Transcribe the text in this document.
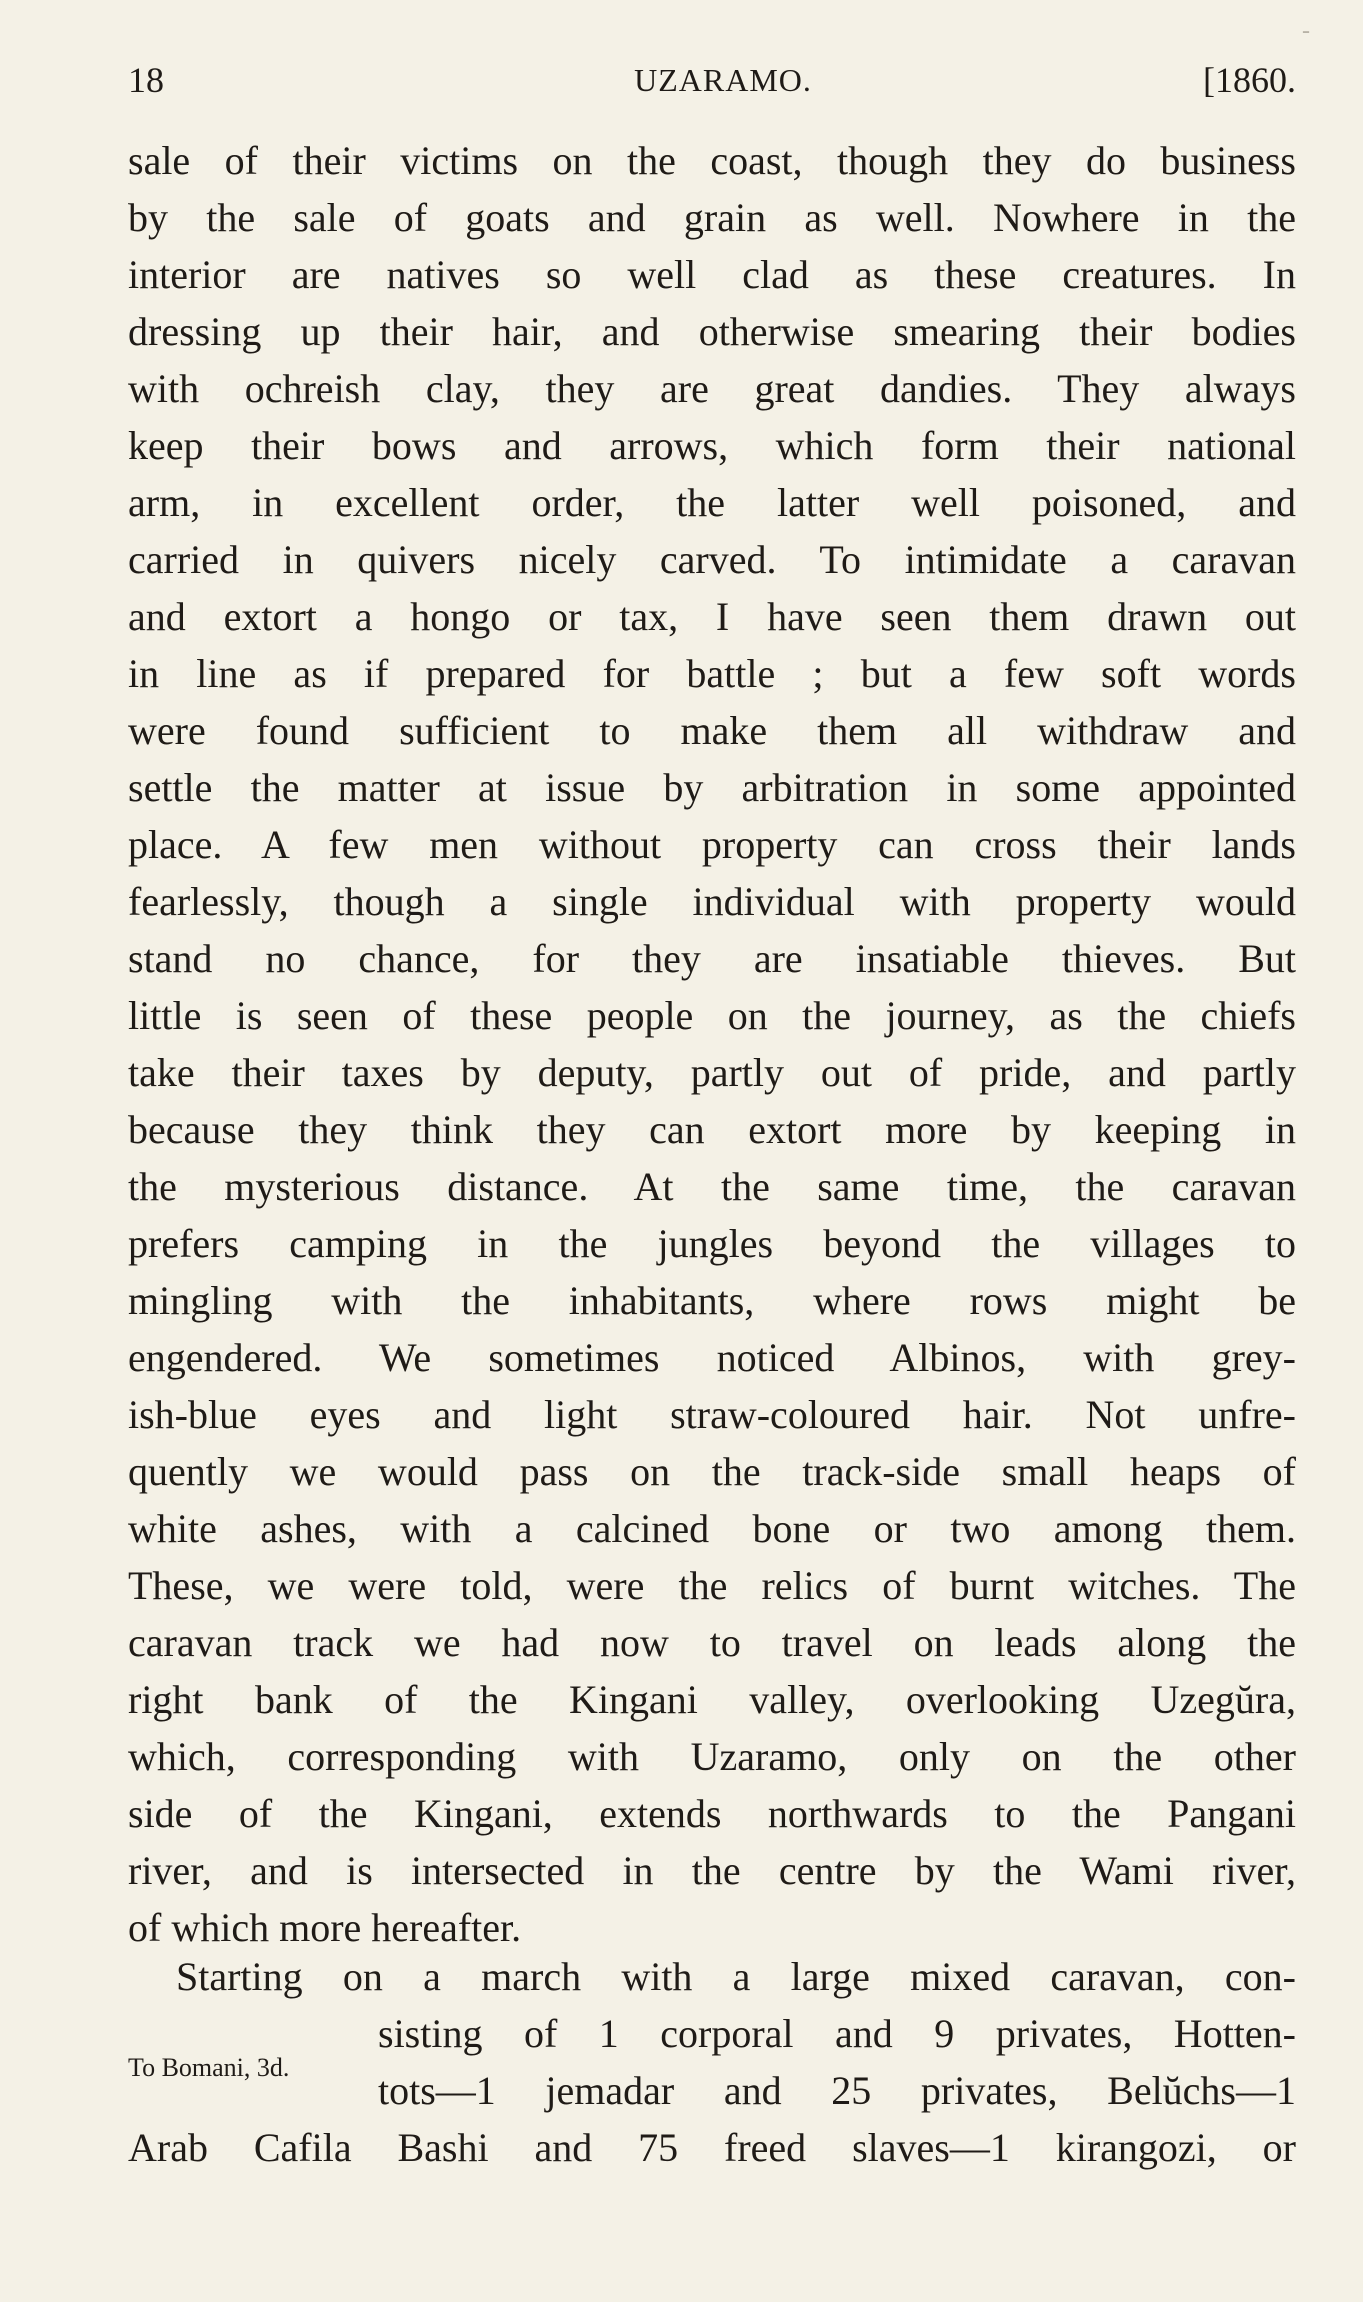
18	UZARAMO.	[1860.
sale of their victims on the coast, though they do business
by the sale of goats and grain as well. Nowhere in the
interior are natives so well clad as these creatures. In
dressing up their hair, and otherwise smearing their bodies
with ochreish clay, they are great dandies. They always
keep their bows and arrows, which form their national
arm, in excellent order, the latter well poisoned, and
carried in quivers nicely carved. To intimidate a caravan
and extort a hongo or tax, I have seen them drawn out
in line as if prepared for battle ; but a few soft words
were found sufficient to make them all withdraw and
settle the matter at issue by arbitration in some appointed
place. A few men without property can cross their lands
fearlessly, though a single individual with property would
stand no chance, for they are insatiable thieves. But
little is seen of these people on the journey, as the chiefs
take their taxes by deputy, partly out of pride, and partly
because they think they can extort more by keeping in
the mysterious distance. At the same time, the caravan
prefers camping in the jungles beyond the villages to
mingling with the inhabitants, where rows might be
engendered. We sometimes noticed Albinos, with grey-
ish-blue eyes and light straw-coloured hair. Not unfre-
quently we would pass on the track-side small heaps of
white ashes, with a calcined bone or two among them.
These, we were told, were the relics of burnt witches. The
caravan track we had now to travel on leads along the
right bank of the Kingani valley, overlooking Uzegŭra,
which, corresponding with Uzaramo, only on the other
side of the Kingani, extends northwards to the Pangani
river, and is intersected in the centre by the Wami river,
of which more hereafter.
Starting on a march with a large mixed caravan, con-
sisting of 1 corporal and 9 privates, Hotten-
tots—1 jemadar and 25 privates, Belŭchs—1
Arab Cafila Bashi and 75 freed slaves—1 kirangozi, or
To Bomani, 3d.
-
